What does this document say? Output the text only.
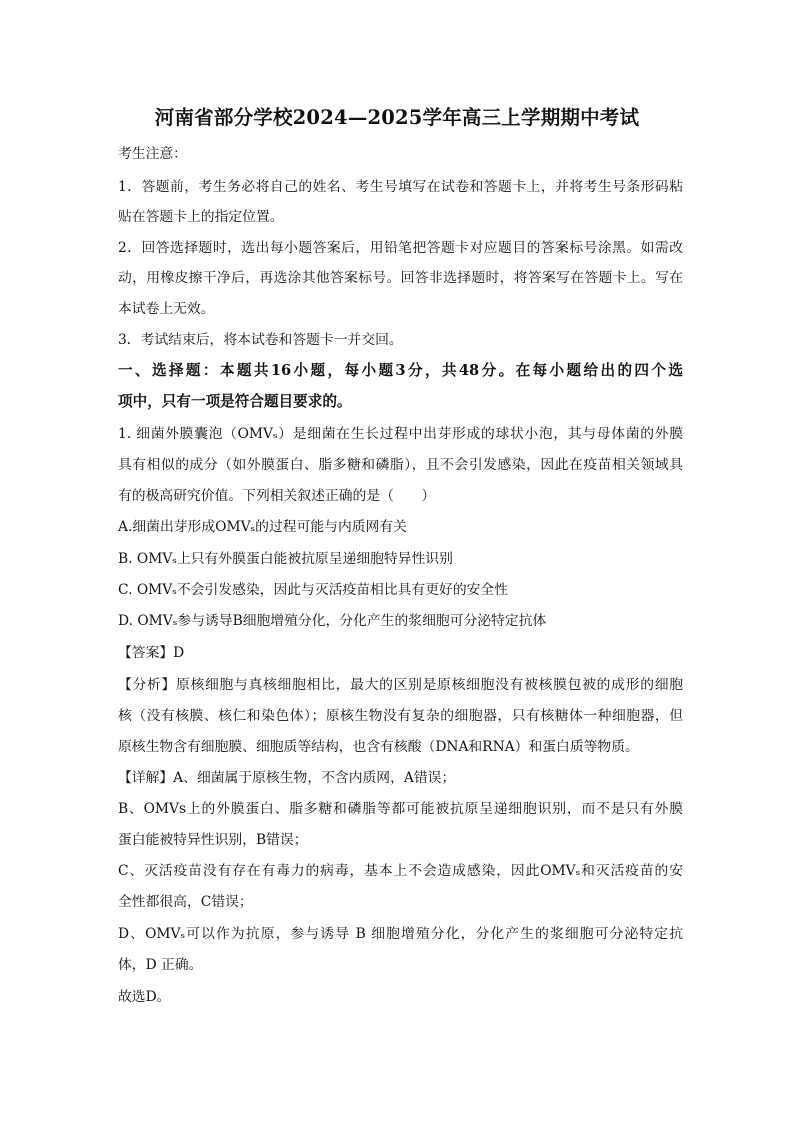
河南省部分学校2024—2025学年高三上学期期中考试
考生注意：
1．答题前，考生务必将自己的姓名、考生号填写在试卷和答题卡上，并将考生号条形码粘
贴在答题卡上的指定位置。
2．回答选择题时，选出每小题答案后，用铅笔把答题卡对应题目的答案标号涂黑。如需改
动，用橡皮擦干净后，再选涂其他答案标号。回答非选择题时，将答案写在答题卡上。写在
本试卷上无效。
3．考试结束后，将本试卷和答题卡一并交回。
一、选择题：本题共16小题，每小题3分，共48分。在每小题给出的四个选
项中，只有一项是符合题目要求的。
1. 细菌外膜囊泡（OMVₛ）是细菌在生长过程中出芽形成的球状小泡，其与母体菌的外膜
具有相似的成分（如外膜蛋白、脂多糖和磷脂），且不会引发感染，因此在疫苗相关领域具
有的极高研究价值。下列相关叙述正确的是（　　）
A.细菌出芽形成OMVₛ的过程可能与内质网有关
B. OMVₛ上只有外膜蛋白能被抗原呈递细胞特异性识别
C. OMVₛ不会引发感染，因此与灭活疫苗相比具有更好的安全性
D. OMVₛ参与诱导B细胞增殖分化，分化产生的浆细胞可分泌特定抗体
【答案】D
【分析】原核细胞与真核细胞相比，最大的区别是原核细胞没有被核膜包被的成形的细胞
核（没有核膜、核仁和染色体）；原核生物没有复杂的细胞器，只有核糖体一种细胞器，但
原核生物含有细胞膜、细胞质等结构，也含有核酸（DNA和RNA）和蛋白质等物质。
【详解】A、细菌属于原核生物，不含内质网，A错误；
B、OMVs上的外膜蛋白、脂多糖和磷脂等都可能被抗原呈递细胞识别，而不是只有外膜
蛋白能被特异性识别，B错误；
C、灭活疫苗没有存在有毒力的病毒，基本上不会造成感染，因此OMVₛ和灭活疫苗的安
全性都很高，C错误；
D、OMVₛ可以作为抗原，参与诱导 B 细胞增殖分化，分化产生的浆细胞可分泌特定抗
体，D 正确。
故选D。
